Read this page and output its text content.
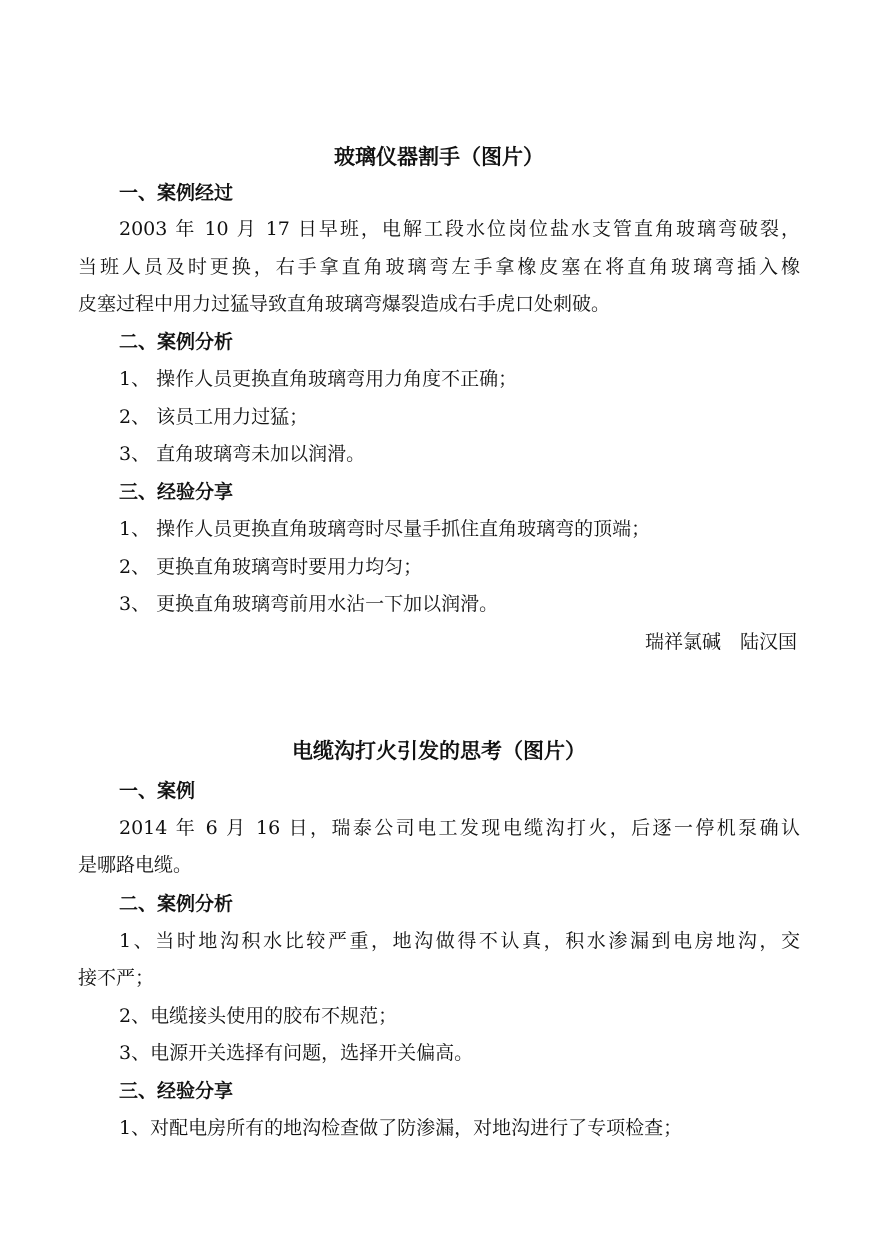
玻璃仪器割手（图片）
一、案例经过
2003 年 10 月 17 日早班，电解工段水位岗位盐水支管直角玻璃弯破裂，
当班人员及时更换，右手拿直角玻璃弯左手拿橡皮塞在将直角玻璃弯插入橡
皮塞过程中用力过猛导致直角玻璃弯爆裂造成右手虎口处刺破。
二、案例分析
1、 操作人员更换直角玻璃弯用力角度不正确；
2、 该员工用力过猛；
3、 直角玻璃弯未加以润滑。
三、经验分享
1、 操作人员更换直角玻璃弯时尽量手抓住直角玻璃弯的顶端；
2、 更换直角玻璃弯时要用力均匀；
3、 更换直角玻璃弯前用水沾一下加以润滑。
瑞祥氯碱　陆汉国
电缆沟打火引发的思考（图片）
一、案例
2014 年 6 月 16 日，瑞泰公司电工发现电缆沟打火，后逐一停机泵确认
是哪路电缆。
二、案例分析
1、当时地沟积水比较严重，地沟做得不认真，积水渗漏到电房地沟，交
接不严；
2、电缆接头使用的胶布不规范；
3、电源开关选择有问题，选择开关偏高。
三、经验分享
1、对配电房所有的地沟检查做了防渗漏，对地沟进行了专项检查；
